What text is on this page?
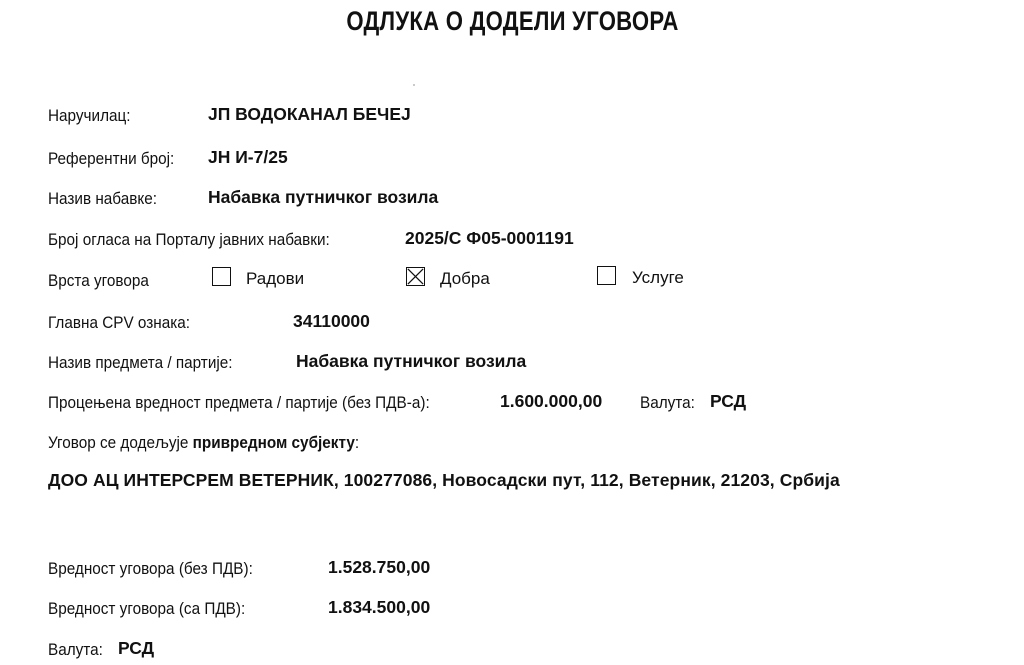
ОДЛУКА О ДОДЕЛИ УГОВОРА
Наручилац:	ЈП ВОДОКАНАЛ БЕЧЕЈ
Референтни број: ЈН И-7/25
Назив набавке:	Набавка путничког возила
Број огласа на Порталу јавних набавки:	2025/С Ф05-0001191
Врста уговора	Радови	Добра	Услуге
Главна CPV ознака:	34110000
Назив предмета / партије:	Набавка путничког возила
Процењена вредност предмета / партије (без ПДВ-а):	1.600.000,00 Валута: РСД
Уговор се додељује привредном субјекту:
ДОО АЦ ИНТЕРСРЕМ ВЕТЕРНИК, 100277086, Новосадски пут, 112, Ветерник, 21203, Србија
Вредност уговора (без ПДВ):	1.528.750,00
Вредност уговора (са ПДВ):	1.834.500,00
Валута: РСД
